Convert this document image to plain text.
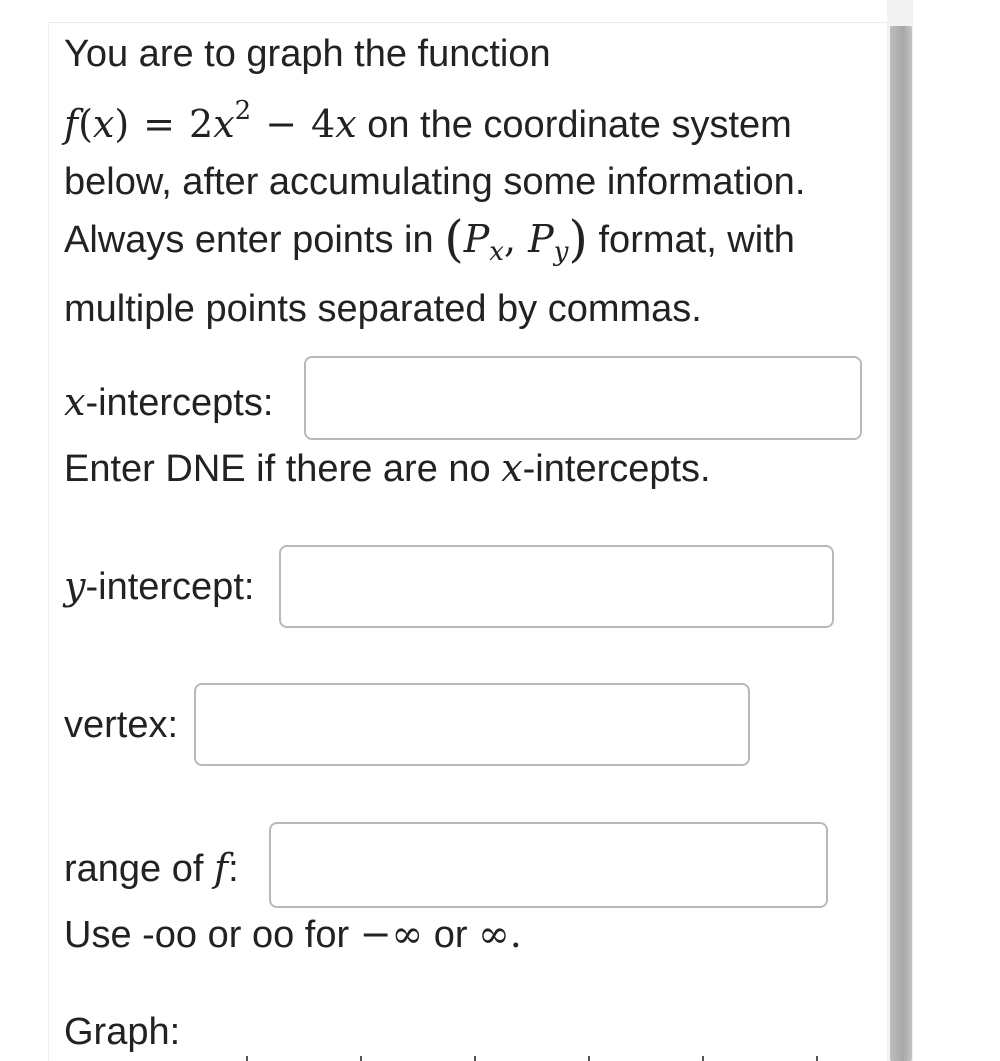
You are to graph the function
$f(x) = 2x^2 - 4x$ on the coordinate system
below, after accumulating some information.
Always enter points in ($P_x$, $P_y$) format, with
multiple points separated by commas.
x-intercepts:
Enter DNE if there are no x-intercepts.
y-intercept:
vertex:
range of f:
Use -oo or oo for −∞ or ∞.
Graph:
